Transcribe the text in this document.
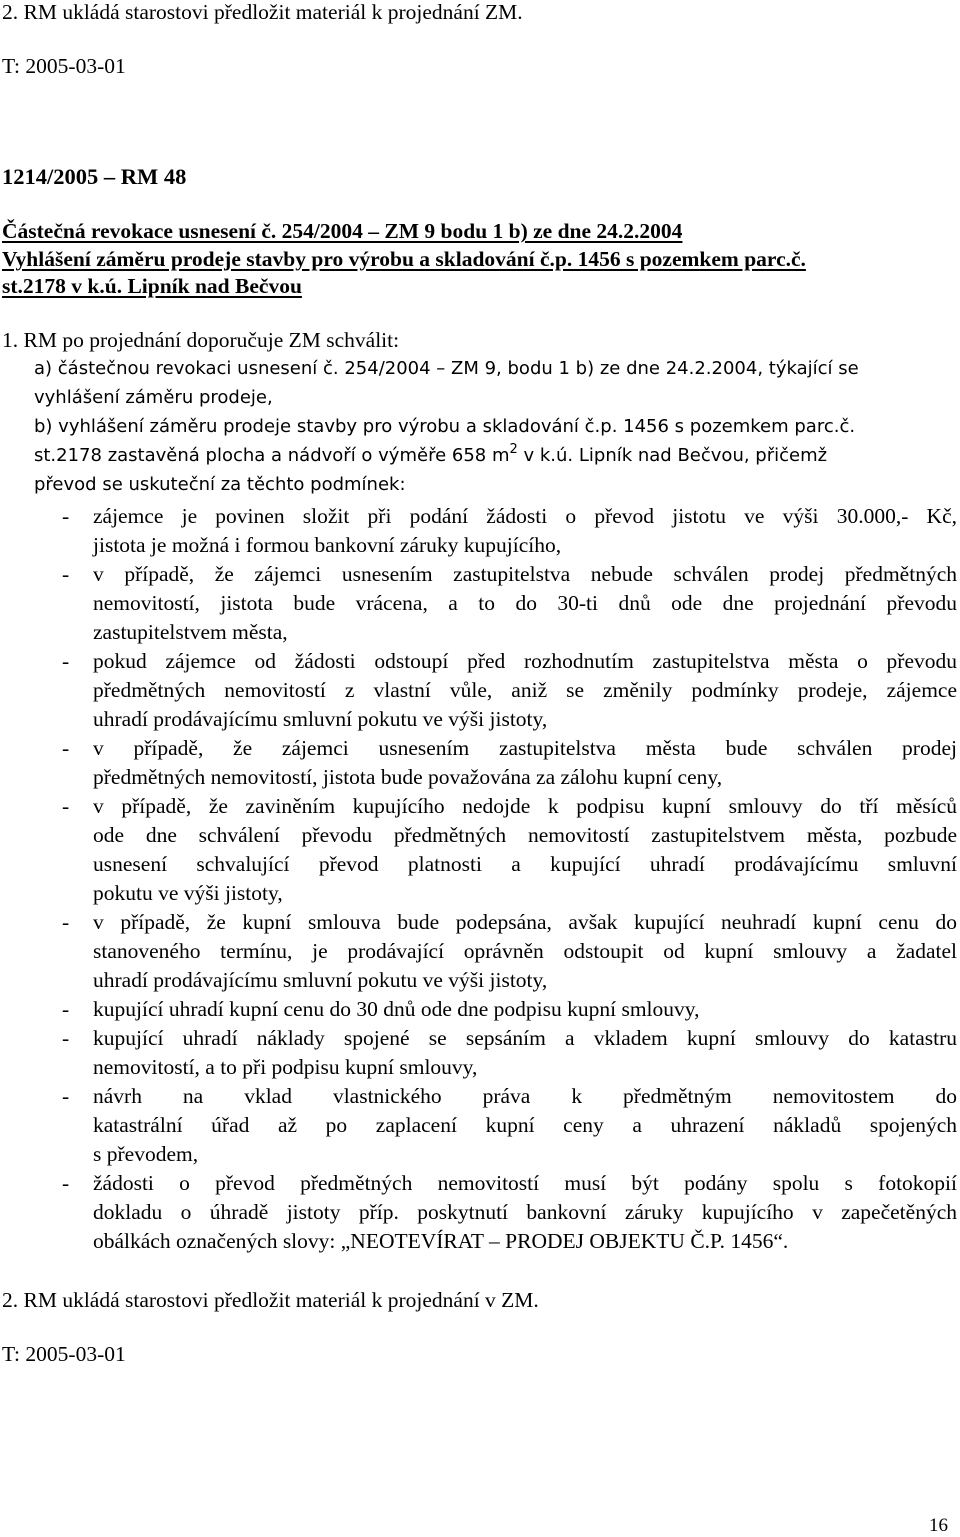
2. RM ukládá starostovi předložit materiál k projednání ZM.
T: 2005-03-01
1214/2005 – RM 48
Částečná revokace usnesení č. 254/2004 – ZM 9 bodu 1 b) ze dne 24.2.2004
Vyhlášení záměru prodeje stavby pro výrobu a skladování č.p. 1456 s pozemkem parc.č.
st.2178 v k.ú. Lipník nad Bečvou
1. RM po projednání doporučuje ZM schválit:
a) částečnou revokaci usnesení č. 254/2004 – ZM 9, bodu 1 b) ze dne 24.2.2004, týkající se
vyhlášení záměru prodeje,
b) vyhlášení záměru prodeje stavby pro výrobu a skladování č.p. 1456 s pozemkem parc.č.
st.2178 zastavěná plocha a nádvoří o výměře 658 $m^2$ v k.ú. Lipník nad Bečvou, přičemž
převod se uskuteční za těchto podmínek:
- zájemce je povinen složit při podání žádosti o převod jistotu ve výši 30.000,- Kč,
jistota je možná i formou bankovní záruky kupujícího,
- v případě, že zájemci usnesením zastupitelstva nebude schválen prodej předmětných
nemovitostí, jistota bude vrácena, a to do 30-ti dnů ode dne projednání převodu
zastupitelstvem města,
- pokud zájemce od žádosti odstoupí před rozhodnutím zastupitelstva města o převodu
předmětných nemovitostí z vlastní vůle, aniž se změnily podmínky prodeje, zájemce
uhradí prodávajícímu smluvní pokutu ve výši jistoty,
- v případě, že zájemci usnesením zastupitelstva města bude schválen prodej
předmětných nemovitostí, jistota bude považována za zálohu kupní ceny,
- v případě, že zaviněním kupujícího nedojde k podpisu kupní smlouvy do tří měsíců
ode dne schválení převodu předmětných nemovitostí zastupitelstvem města, pozbude
usnesení schvalující převod platnosti a kupující uhradí prodávajícímu smluvní
pokutu ve výši jistoty,
- v případě, že kupní smlouva bude podepsána, avšak kupující neuhradí kupní cenu do
stanoveného termínu, je prodávající oprávněn odstoupit od kupní smlouvy a žadatel
uhradí prodávajícímu smluvní pokutu ve výši jistoty,
- kupující uhradí kupní cenu do 30 dnů ode dne podpisu kupní smlouvy,
- kupující uhradí náklady spojené se sepsáním a vkladem kupní smlouvy do katastru
nemovitostí, a to při podpisu kupní smlouvy,
- návrh na vklad vlastnického práva k předmětným nemovitostem do
katastrální úřad až po zaplacení kupní ceny a uhrazení nákladů spojených
s převodem,
- žádosti o převod předmětných nemovitostí musí být podány spolu s fotokopií
dokladu o úhradě jistoty příp. poskytnutí bankovní záruky kupujícího v zapečetěných
obálkách označených slovy: „NEOTEVÍRAT – PRODEJ OBJEKTU Č.P. 1456“.
2. RM ukládá starostovi předložit materiál k projednání v ZM.
T: 2005-03-01
16
